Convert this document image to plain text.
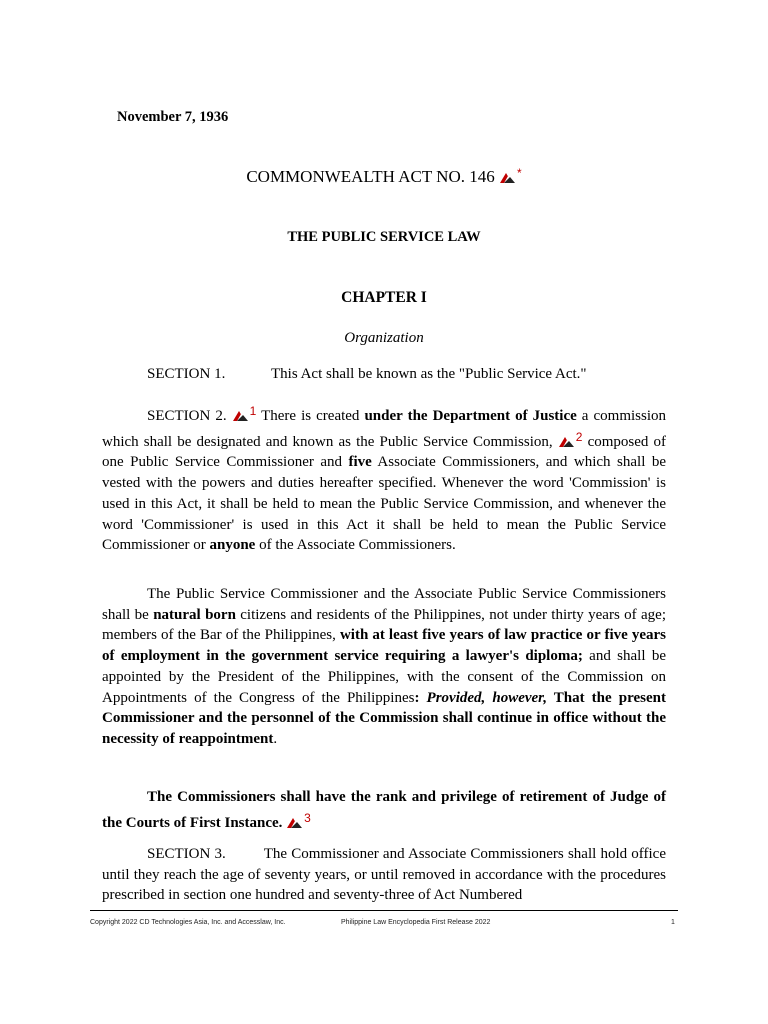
November 7, 1936
COMMONWEALTH ACT NO. 146 *
THE PUBLIC SERVICE LAW
CHAPTER I
Organization
SECTION 1.	This Act shall be known as the "Public Service Act."

SECTION 2. $^1$ There is created under the Department of Justice a commission which shall be designated and known as the Public Service Commission,
$^2$ composed of one Public Service Commissioner and five Associate Commissioners, and which shall be vested with the powers and duties hereafter specified. Whenever the word 'Commission' is used in this Act, it shall be held to mean the Public Service Commission, and whenever the word 'Commissioner' is used in this Act it shall be held to mean the Public Service Commissioner or anyone of the Associate Commissioners.

The Public Service Commissioner and the Associate Public Service Commissioners shall be natural born citizens and residents of the Philippines, not under thirty years of age; members of the Bar of the Philippines, with at least five years of law practice or five years of employment in the government service requiring a lawyer's diploma; and shall be appointed by the President of the Philippines, with the consent of the Commission on Appointments of the Congress of the Philippines: Provided, however, That the present Commissioner and the personnel of the Commission shall continue in office without the necessity of reappointment.

The Commissioners shall have the rank and privilege of retirement of Judge of the Courts of First Instance. $^3$

SECTION 3.	The Commissioner and Associate Commissioners shall hold office until they reach the age of seventy years, or until removed in accordance with the procedures prescribed in section one hundred and seventy-three of Act Numbered

Copyright 2022 CD Technologies Asia, Inc. and Accesslaw, Inc.	Philippine Law Encyclopedia First Release 2022	1
